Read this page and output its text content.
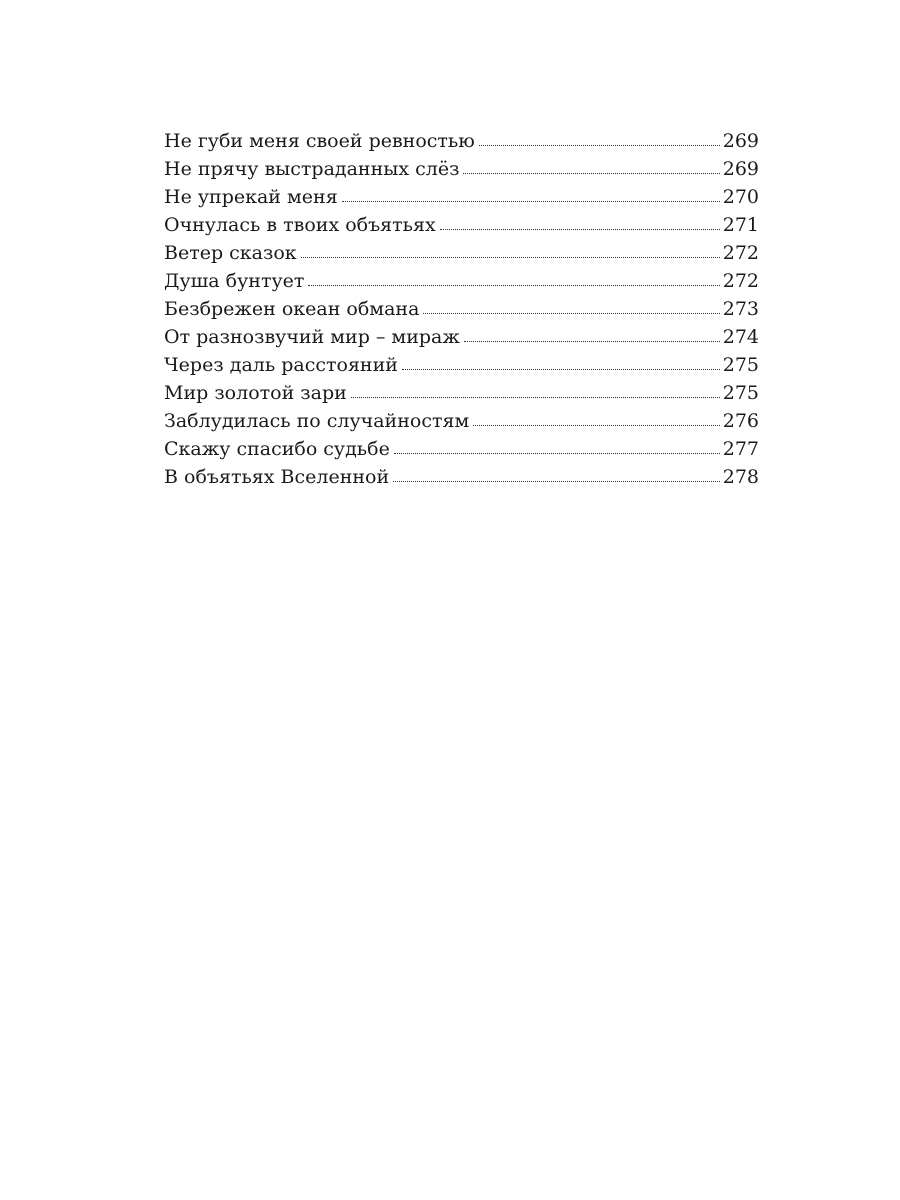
Не губи меня своей ревностью	269
Не прячу выстраданных слёз	269
Не упрекай меня	270
Очнулась в твоих объятьях	271
Ветер сказок	272
Душа бунтует	272
Безбрежен океан обмана	273
От разнозвучий мир – мираж	274
Через даль расстояний	275
Мир золотой зари	275
Заблудилась по случайностям	276
Скажу спасибо судьбе	277
В объятьях Вселенной	278
